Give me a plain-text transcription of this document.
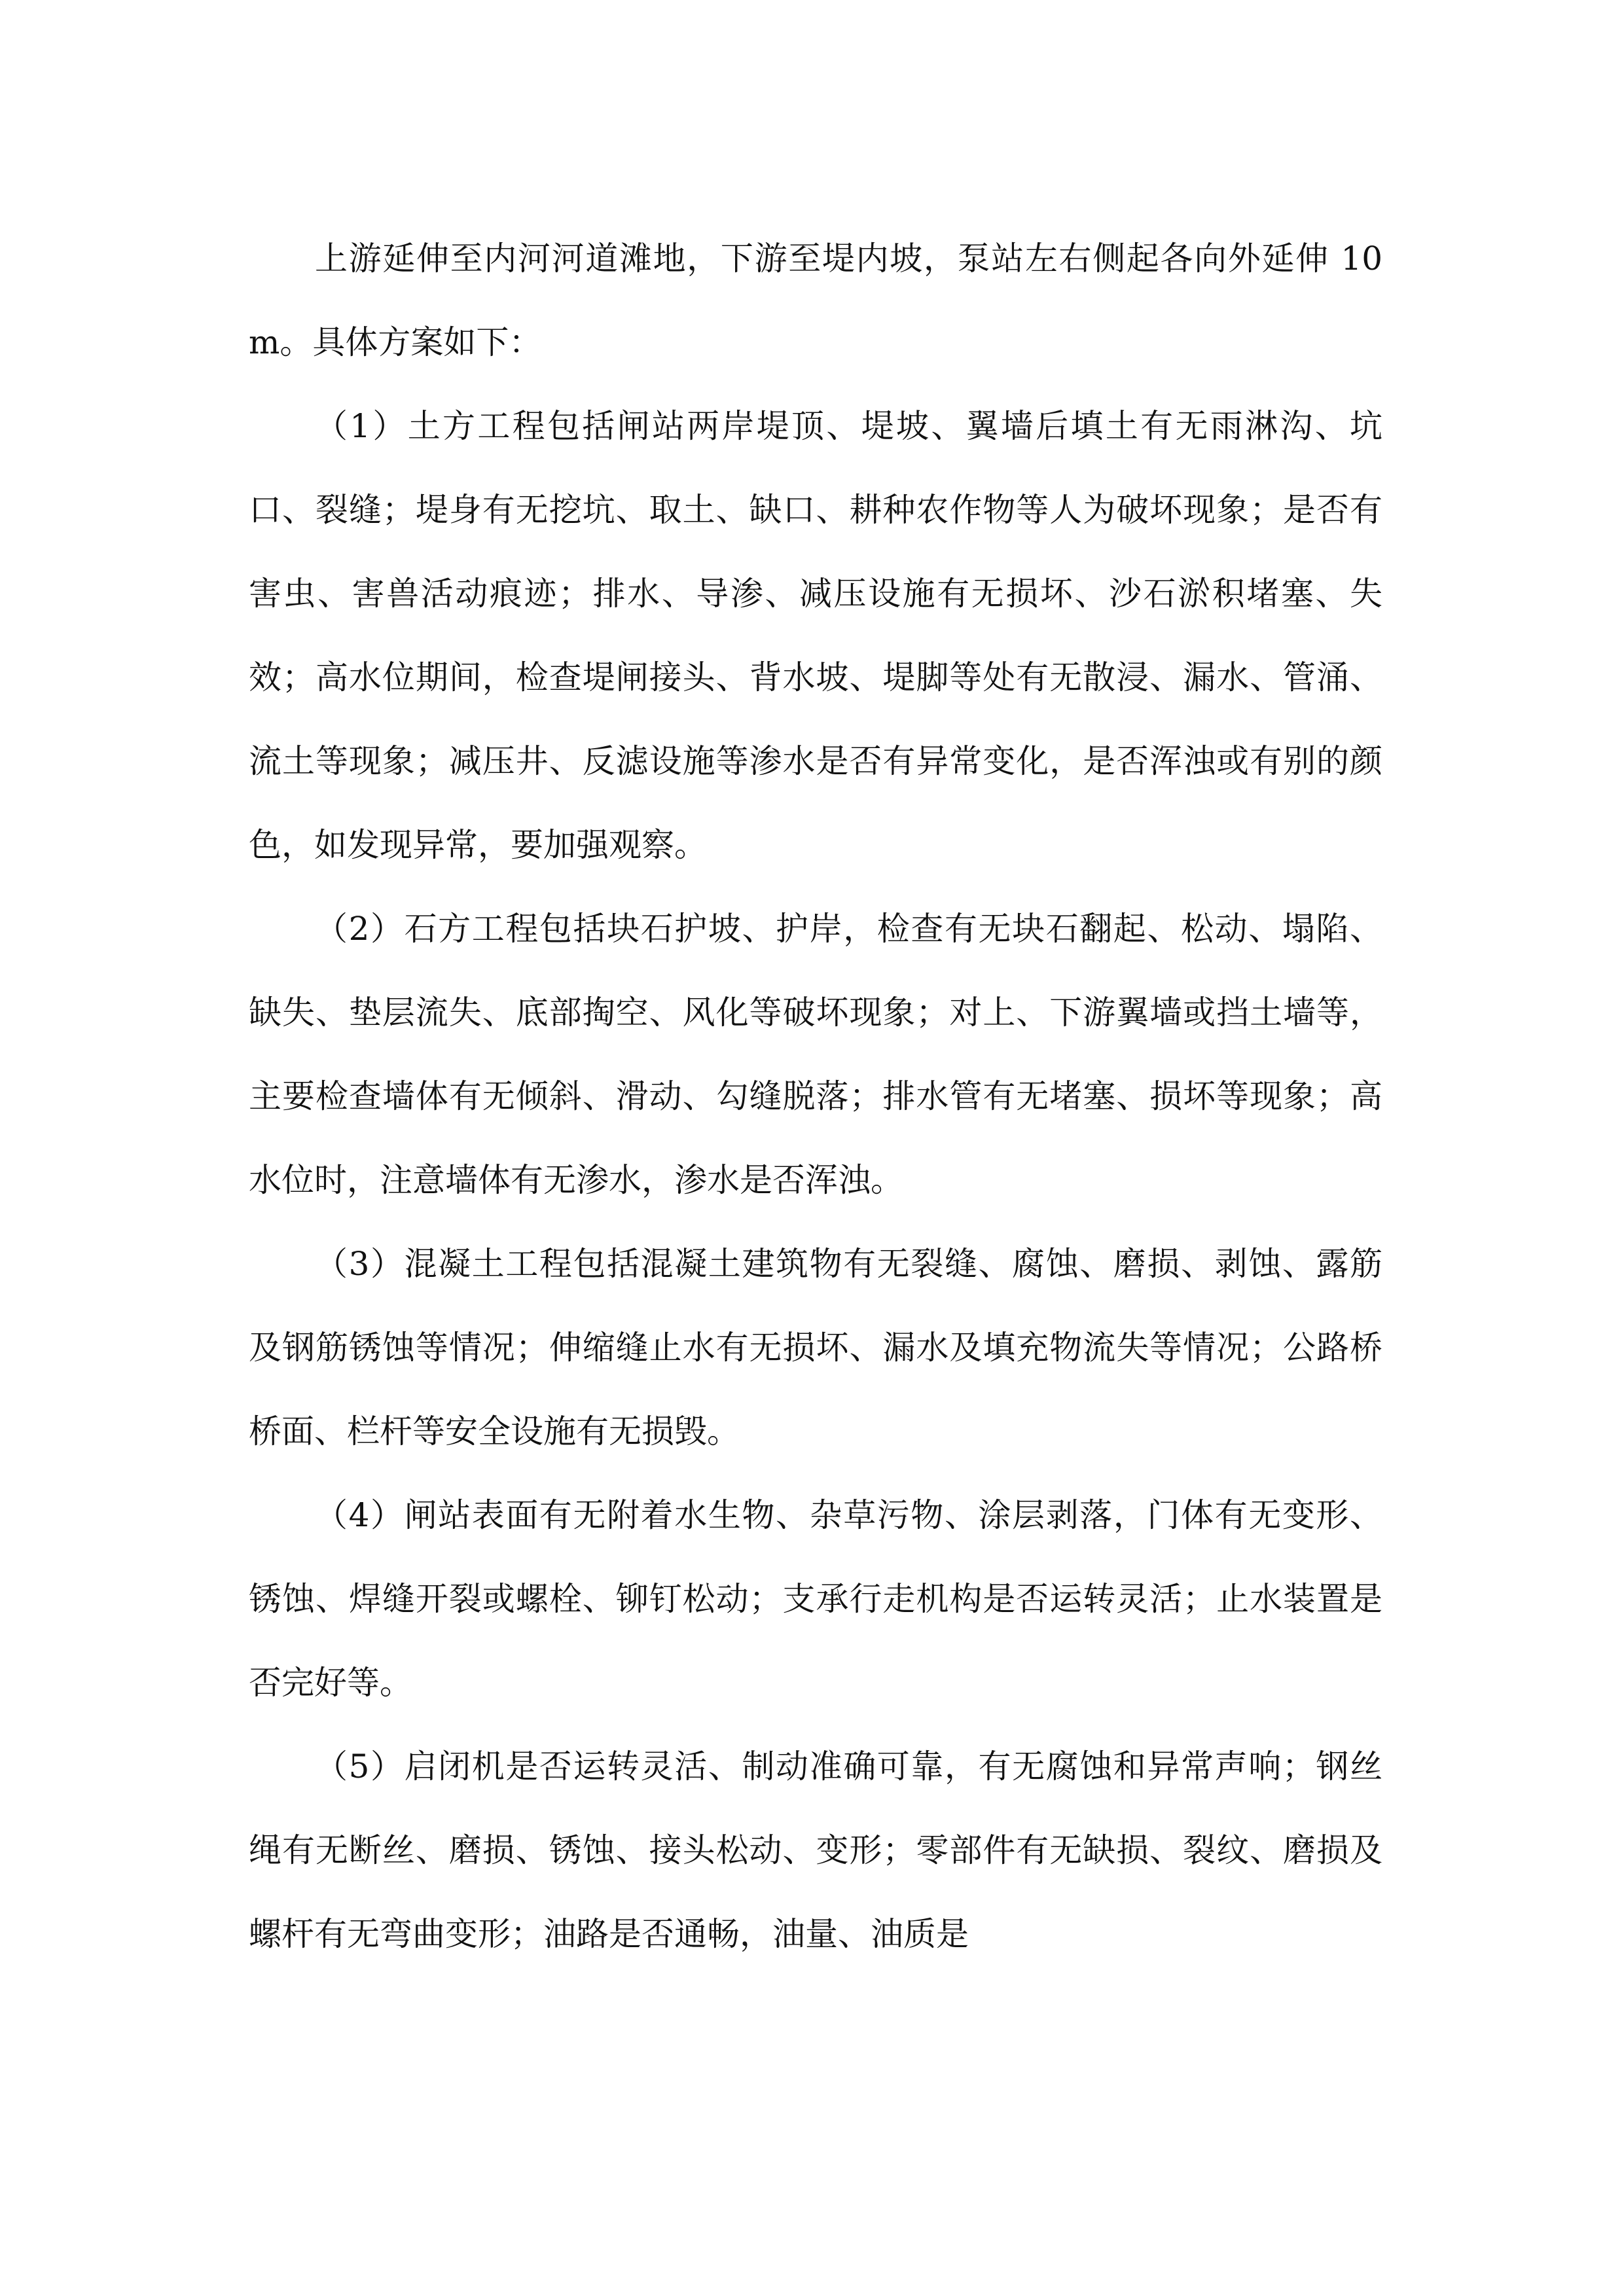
上游延伸至内河河道滩地，下游至堤内坡，泵站左右侧起各向外延伸 10m。具体方案如下：

（1）土方工程包括闸站两岸堤顶、堤坡、翼墙后填土有无雨淋沟、坑口、裂缝；堤身有无挖坑、取土、缺口、耕种农作物等人为破坏现象；是否有害虫、害兽活动痕迹；排水、导渗、减压设施有无损坏、沙石淤积堵塞、失效；高水位期间，检查堤闸接头、背水坡、堤脚等处有无散浸、漏水、管涌、流土等现象；减压井、反滤设施等渗水是否有异常变化，是否浑浊或有别的颜色，如发现异常，要加强观察。

（2）石方工程包括块石护坡、护岸，检查有无块石翻起、松动、塌陷、缺失、垫层流失、底部掏空、风化等破坏现象；对上、下游翼墙或挡土墙等，主要检查墙体有无倾斜、滑动、勾缝脱落；排水管有无堵塞、损坏等现象；高水位时，注意墙体有无渗水，渗水是否浑浊。

（3）混凝土工程包括混凝土建筑物有无裂缝、腐蚀、磨损、剥蚀、露筋及钢筋锈蚀等情况；伸缩缝止水有无损坏、漏水及填充物流失等情况；公路桥桥面、栏杆等安全设施有无损毁。

（4）闸站表面有无附着水生物、杂草污物、涂层剥落，门体有无变形、锈蚀、焊缝开裂或螺栓、铆钉松动；支承行走机构是否运转灵活；止水装置是否完好等。

（5）启闭机是否运转灵活、制动准确可靠，有无腐蚀和异常声响；钢丝绳有无断丝、磨损、锈蚀、接头松动、变形；零部件有无缺损、裂纹、磨损及螺杆有无弯曲变形；油路是否通畅，油量、油质是
